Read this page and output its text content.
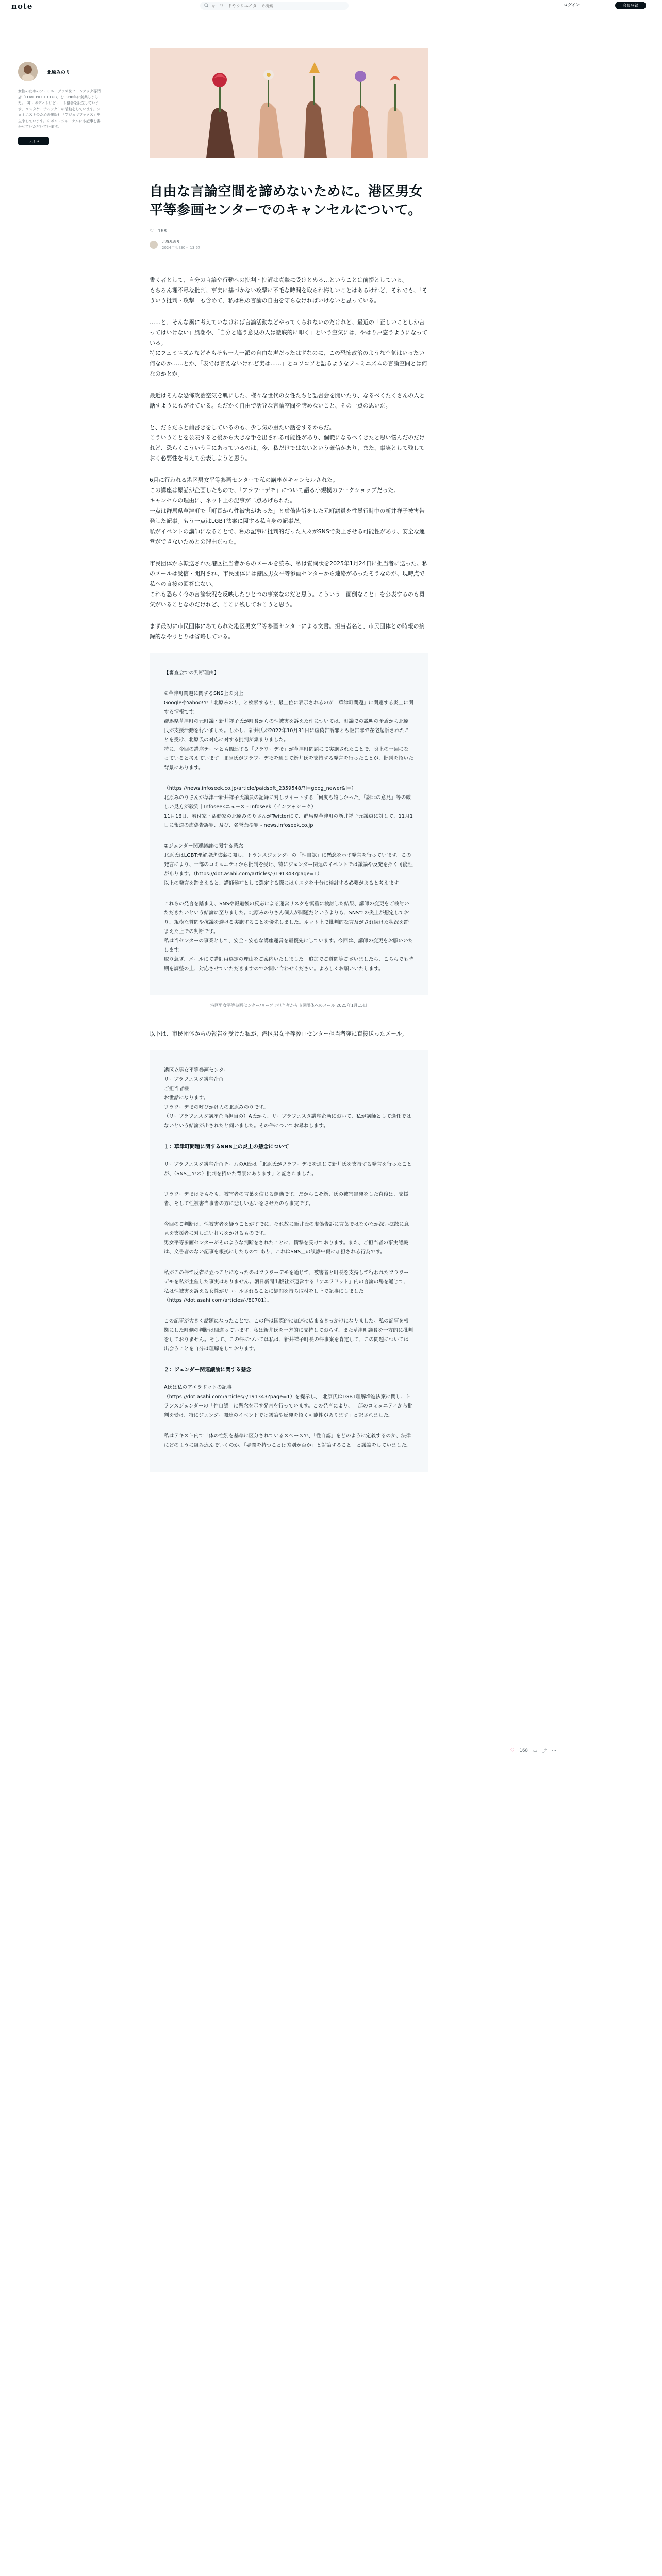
note
キーワードやクリエイターで検索	ログイン	会員登録
北原みのり
女性のためのフェミニーデッズ＆フェムテック専門店「LOVE PIECE CLUB」を1996年に創業しました。「神・ボディトリビュート協会を設立しています」コスタケーテムアクトの活動をしています。フェミニストのための出版社「アジュマブックス」を主宰しています。リボン・ジャーナルにも記事を書かせていただいています。
＋ フォロー
自由な言論空間を諦めないために。港区男女平等参画センターでのキャンセルについて。
♡ 168
北原みのり
2024年4月30日 13:57

書く者として、自分の言論や行動への批判・批評は真摯に受けとめる…ということは前提としている。
もちろん理不尽な批判、事実に基づかない攻撃に不毛な時間を取られ悔しいことはあるけれど、それでも、「そういう批判・攻撃」も含めて、私は私の言論の自由を守らなければいけないと思っている。

……と、そんな風に考えていなければ言論活動などやってくられないのだけれど、最近の「正しいことしか言ってはいけない」風潮や、「自分と違う意見の人は徹底的に叩く」という空気には、やはり戸惑うようになっている。
特にフェミニズムなどそもそも一人一派の自由な声だったはずなのに、この恐怖政治のような空気はいったい何なのか……とか、「表では言えないけれど実は……」とコソコソと語るようなフェミニズムの言論空間とは何なのかとか。

最近はそんな恐怖政治空気を肌にした、様々な世代の女性たちと語書会を開いたり、なるべくたくさんの人と話すようにもがけている。ただかく自由で活発な言論空間を諦めないこと、その一点の思いだ。

と、だらだらと前書きをしているのも、少し気の重たい話をするからだ。
こういうことを公表すると後から大きな手を出される可能性があり、個範になるべくきたと思い悩んだのだけれど、恐らくこういう目にあっているのは、今、私だけではないという確信があり、また、事実として残しておく必要性を考えて公表しようと思う。

6月に行われる港区男女平等参画センターで私の講座がキャンセルされた。
この講座は原話が企画したもので、「フラワーデモ」について語る小規模のワークショップだった。
キャンセルの理由に、ネット上の記事が二点あげられた。
一点は群馬県草津町で「町長から性被害があった」と虚偽告訴をした元町議員を性暴行時中の新井祥子被害告発した記事。もう一点はLGBT法案に関する私自身の記事だ。
私がイベントの講師になることで、私の記事に批判的だった人々がSNSで炎上させる可能性があり、安全な運営ができないためとの理由だった。

市民団体から転送された港区担当者からのメールを読み、私は質問状を2025年1月24日に担当者に送った。私のメールは受信・開封され、市民団体には港区男女平等参画センターから連絡があったそうなのが、現時点で私への直接の回答はない。
これも恐らく今の言論状況を反映したひとつの事案なのだと思う。こういう「面倒なこと」を公表するのも勇気がいることなのだけれど、ここに残しておこうと思う。

まず最初に市民団体にあてられた港区男女平等参画センターによる文書。担当者名と、市民団体との時報の摘録的なやりとりは省略している。

【審査会での判断理由】

②草津町問題に関するSNS上の炎上
GoogleやYahoo!で「北原みのり」と検索すると、最上位に表示されるのが「草津町問題」に関連する炎上に関する情報です。
群馬県草津町の元町議・新井祥子氏が町長からの性被害を訴えた件については、町議での説明の矛盾から北原氏が支援活動を行いました。しかし、新井氏が2022年10月31日に虚偽告訴罪とも誣告罪で在宅起訴されたことを受け、北原氏の対応に対する批判が集まりました。
特に、今回の講座テーマとも関連する「フラワーデモ」が草津町問題にて実施されたことで、炎上の一因になっていると考えています。北原氏がフラワーデモを通じて新井氏を支持する発言を行ったことが、批判を招いた背景にあります。

（https://news.infoseek.co.jp/article/paidsoft_2359548/?l=goog_newer&l=）
北原みのりさんが草津一新井祥子氏議員の記録に対しツイートする「何度も嬉しかった」「謝罪の意見」等の厳しい見方が殺到｜Infoseekニュース - Infoseek（インフォシーク）
11月16日、着付家・活動家の北原みのりさんがTwitterにて、群馬県草津町の新井祥子元議員に対して、11月1日に報道の虚偽告訴罪、及び、名誉棄損罪 - news.infoseek.co.jp

②ジェンダー関連議論に関する懸念
北原氏はLGBT理解増進法案に関し、トランスジェンダーの「性自認」に懸念を示す発言を行っています。この発言により、一部のコミュニティから批判を受け、特にジェンダー関連のイベントでは議論や反発を招く可能性があります。（https://dot.asahi.com/articles/-/191343?page=1）
以上の発言を踏まえると、講師候補として選定する際にはリスクを十分に検討する必要があると考えます。

これらの発言を踏まえ、SNSや報道後の反応による運営リスクを慎重に検討した結果、講師の変更をご検討いただきたいという結論に至りました。北原みのりさん個人が問題だというよりも、SNSでの炎上が想定しており、規模な質問や抗議を避ける実施することを優先しました。ネット上で批判的な言及がされ続けた状況を踏まえた上での判断です。
私は当センターの事業として、安全・安心な講座運営を最優先にしています。今回は、講師の変更をお願いいたします。
取り急ぎ、メールにて講師再選定の理由をご案内いたしました。追加でご質問等ございましたら、こちらでも時期を調整の上、対応させていただきますのでお問い合わせください。よろしくお願いいたします。

港区男女平等参画センター/リーブラ担当者から市民団体へのメール 2025年1月15日

以下は、市民団体からの報告を受けた私が、港区男女平等参画センター担当者宛に直接送ったメール。

港区立男女平等参画センター
リーブラフェスタ講座企画
ご担当者様
お世話になります。
フラワーデモの呼びかけ人の北原みのりです。
（リーブラフェスタ講座企画担当の）A氏から、リーブラフェスタ講座企画において、私が講師として適任ではないという結論が出されたと伺いました。その件についてお尋ねします。

１：草津町問題に関するSNS上の炎上の懸念について

リーブラフェスタ講座企画チームのA氏は「北原氏がフラワーデモを通じて新井氏を支持する発言を行ったことが、（SNS上での）批判を招いた背景にあります」と記されました。

フラワーデモはそもそも、被害者の言葉を信じる運動です。だからこそ新井氏の被害告発をした直後は、支援者、そして性被害当事者の方に悲しい思いをさせたのも事実です。

今回のご判断は、性被害者を疑うことがすでに、それ故に新井氏の虚偽告訴に言葉ではなかなか深い拡散に意見を支援者に対し追い打ちをかけるものです。
男女平等参画センターがそのような判断をされたことに、衝撃を受けております。また、ご担当者の事実認識は、文書者のない記事を根拠にしたもので あり、これはSNS上の誤謬中傷に加担される行為です。

私がこの件で反省に立つことになったのはフラワーデモを通じて、被害者と町長を支持して行われたフラワーデモを私が主催した事実はありません。朝日新聞出版社が運営する「アエラドット」内の言論の場を通じて、私は性被害を訴える女性がリコールされることに疑問を持ち取材をし上で記事にしました（https://dot.asahi.com/articles/-/80701）。

この記事が大きく話題になったことで、この件は国際的に加速に広まるきっかけになりました。私の記事を根拠にした町側の判断は間違っています。私は新井氏を一方的に支持しておらず、また草津町議長を一方的に批判をしておりません。そして、この件については私は、新井祥子町長の件事案を肯定して、この問題については出会うことを自分は理解をしております。

２：ジェンダー関連議論に関する懸念

A氏は私のアエラドットの記事
（https://dot.asahi.com/articles/-/191343?page=1）を提示し、「北原氏はLGBT理解増進法案に関し、トランスジェンダーの「性自認」に懸念を示す発言を行っています。この発言により、一部のコミュニティから批判を受け、特にジェンダー関連のイベントでは議論や反発を招く可能性があります」と記されました。

私はテキスト内で「体の性別を基準に区分されているスペースで、「性自認」をどのように定義するのか、法律にどのように組み込んでいくのか、「疑問を持つことは差別か否か」と討論すること」と議論をしていました。

♡ 168 ▭ ⤴ ⋯
